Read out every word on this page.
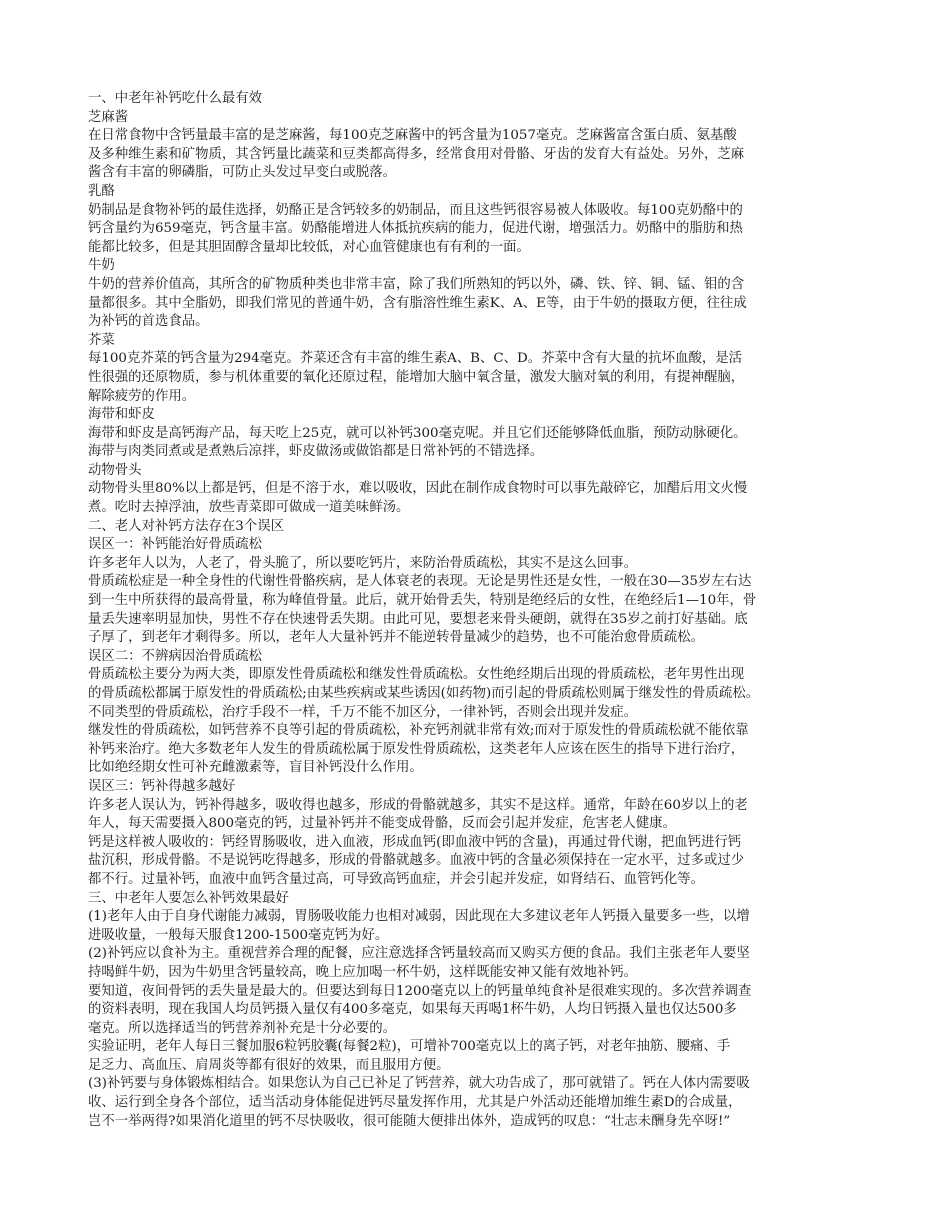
一、中老年补钙吃什么最有效
芝麻酱
在日常食物中含钙量最丰富的是芝麻酱，每100克芝麻酱中的钙含量为1057毫克。芝麻酱富含蛋白质、氨基酸
及多种维生素和矿物质，其含钙量比蔬菜和豆类都高得多，经常食用对骨骼、牙齿的发育大有益处。另外，芝麻
酱含有丰富的卵磷脂，可防止头发过早变白或脱落。
乳酪
奶制品是食物补钙的最佳选择，奶酪正是含钙较多的奶制品，而且这些钙很容易被人体吸收。每100克奶酪中的
钙含量约为659毫克，钙含量丰富。奶酪能增进人体抵抗疾病的能力，促进代谢，增强活力。奶酪中的脂肪和热
能都比较多，但是其胆固醇含量却比较低，对心血管健康也有有利的一面。
牛奶
牛奶的营养价值高，其所含的矿物质种类也非常丰富，除了我们所熟知的钙以外，磷、铁、锌、铜、锰、钼的含
量都很多。其中全脂奶，即我们常见的普通牛奶，含有脂溶性维生素K、A、E等，由于牛奶的摄取方便，往往成
为补钙的首选食品。
芥菜
每100克芥菜的钙含量为294毫克。芥菜还含有丰富的维生素A、B、C、D。芥菜中含有大量的抗坏血酸，是活
性很强的还原物质，参与机体重要的氧化还原过程，能增加大脑中氧含量，激发大脑对氧的利用，有提神醒脑，
解除疲劳的作用。
海带和虾皮
海带和虾皮是高钙海产品，每天吃上25克，就可以补钙300毫克呢。并且它们还能够降低血脂，预防动脉硬化。
海带与肉类同煮或是煮熟后凉拌，虾皮做汤或做馅都是日常补钙的不错选择。
动物骨头
动物骨头里80%以上都是钙，但是不溶于水，难以吸收，因此在制作成食物时可以事先敲碎它，加醋后用文火慢
煮。吃时去掉浮油，放些青菜即可做成一道美味鲜汤。
二、老人对补钙方法存在3个误区
误区一：补钙能治好骨质疏松
许多老年人以为，人老了，骨头脆了，所以要吃钙片，来防治骨质疏松，其实不是这么回事。
骨质疏松症是一种全身性的代谢性骨骼疾病，是人体衰老的表现。无论是男性还是女性，一般在30—35岁左右达
到一生中所获得的最高骨量，称为峰值骨量。此后，就开始骨丢失，特别是绝经后的女性，在绝经后1—10年，骨
量丢失速率明显加快，男性不存在快速骨丢失期。由此可见，要想老来骨头硬朗，就得在35岁之前打好基础。底
子厚了，到老年才剩得多。所以，老年人大量补钙并不能逆转骨量减少的趋势，也不可能治愈骨质疏松。
误区二：不辨病因治骨质疏松
骨质疏松主要分为两大类，即原发性骨质疏松和继发性骨质疏松。女性绝经期后出现的骨质疏松，老年男性出现
的骨质疏松都属于原发性的骨质疏松;由某些疾病或某些诱因(如药物)而引起的骨质疏松则属于继发性的骨质疏松。
不同类型的骨质疏松，治疗手段不一样，千万不能不加区分，一律补钙，否则会出现并发症。
继发性的骨质疏松，如钙营养不良等引起的骨质疏松，补充钙剂就非常有效;而对于原发性的骨质疏松就不能依靠
补钙来治疗。绝大多数老年人发生的骨质疏松属于原发性骨质疏松，这类老年人应该在医生的指导下进行治疗，
比如绝经期女性可补充雌激素等，盲目补钙没什么作用。
误区三：钙补得越多越好
许多老人误认为，钙补得越多，吸收得也越多，形成的骨骼就越多，其实不是这样。通常，年龄在60岁以上的老
年人，每天需要摄入800毫克的钙，过量补钙并不能变成骨骼，反而会引起并发症，危害老人健康。
钙是这样被人吸收的：钙经胃肠吸收，进入血液，形成血钙(即血液中钙的含量)，再通过骨代谢，把血钙进行钙
盐沉积，形成骨骼。不是说钙吃得越多，形成的骨骼就越多。血液中钙的含量必须保持在一定水平，过多或过少
都不行。过量补钙，血液中血钙含量过高，可导致高钙血症，并会引起并发症，如肾结石、血管钙化等。
三、中老年人要怎么补钙效果最好
(1)老年人由于自身代谢能力减弱，胃肠吸收能力也相对减弱，因此现在大多建议老年人钙摄入量要多一些，以增
进吸收量，一般每天服食1200-1500毫克钙为好。
(2)补钙应以食补为主。重视营养合理的配餐，应注意选择含钙量较高而又购买方便的食品。我们主张老年人要坚
持喝鲜牛奶，因为牛奶里含钙量较高，晚上应加喝一杯牛奶，这样既能安神又能有效地补钙。
要知道，夜间骨钙的丢失量是最大的。但要达到每日1200毫克以上的钙量单纯食补是很难实现的。多次营养调查
的资料表明，现在我国人均员钙摄入量仅有400多毫克，如果每天再喝1杯牛奶，人均日钙摄入量也仅达500多
毫克。所以选择适当的钙营养剂补充是十分必要的。
实验证明，老年人每日三餐加服6粒钙胶囊(每餐2粒)，可增补700毫克以上的离子钙，对老年抽筋、腰痛、手
足乏力、高血压、肩周炎等都有很好的效果，而且服用方便。
(3)补钙要与身体锻炼相结合。如果您认为自己已补足了钙营养，就大功告成了，那可就错了。钙在人体内需要吸
收、运行到全身各个部位，适当活动身体能促进钙尽量发挥作用，尤其是户外活动还能增加维生素D的合成量，
岂不一举两得?如果消化道里的钙不尽快吸收，很可能随大便排出体外，造成钙的叹息：“壮志未酬身先卒呀!”
